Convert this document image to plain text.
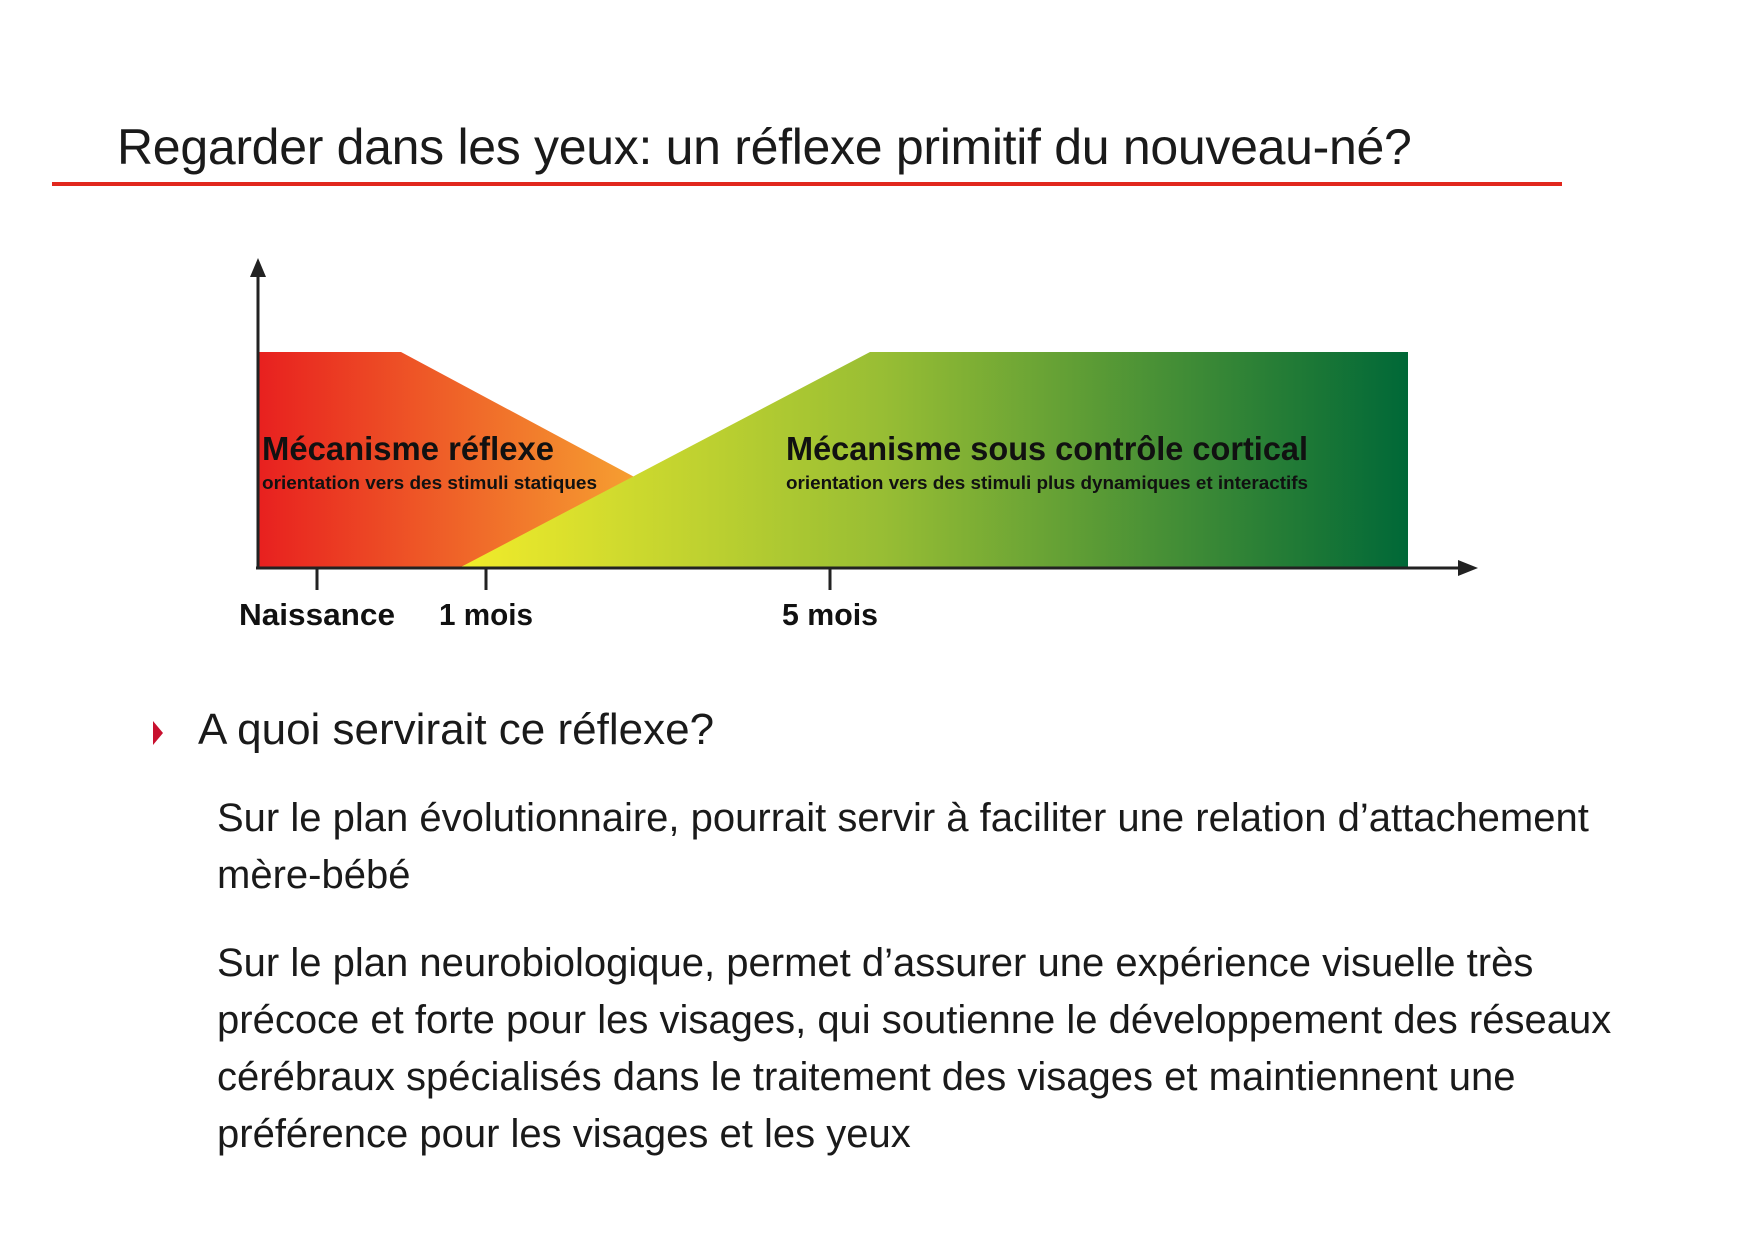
Regarder dans les yeux: un réflexe primitif du nouveau-né?
Naissance 1 mois	5 mois
Mécanisme réflexe
orientation vers des stimuli statiques
Mécanisme sous contrôle cortical
orientation vers des stimuli plus dynamiques et interactifs

A quoi servirait ce réflexe?

Sur le plan évolutionnaire, pourrait servir à faciliter une relation d’attachement mère-bébé

Sur le plan neurobiologique, permet d’assurer une expérience visuelle très précoce et forte pour les visages, qui soutienne le développement des réseaux cérébraux spécialisés dans le traitement des visages et maintiennent une préférence pour les visages et les yeux
